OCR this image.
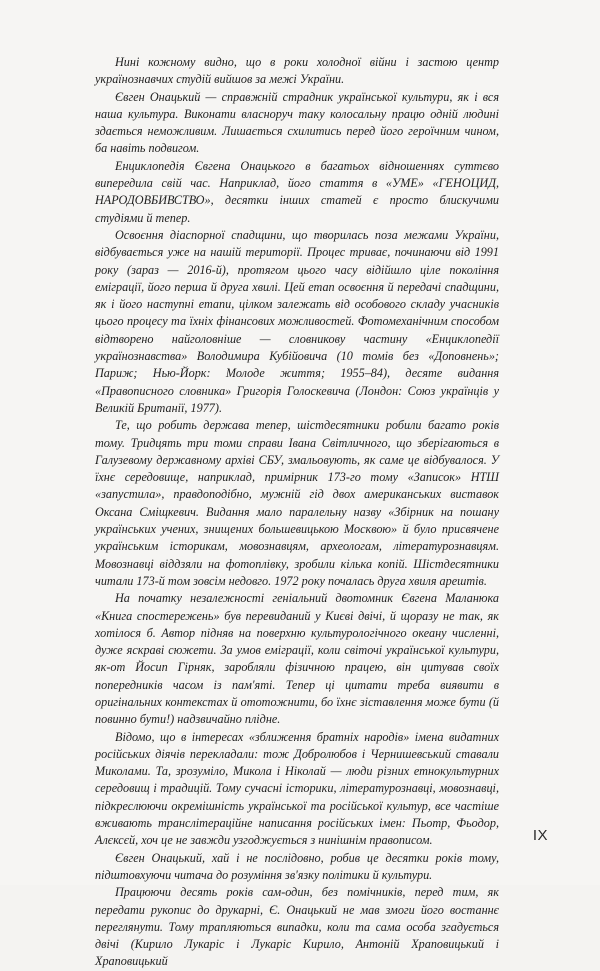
Нині кожному видно, що в роки холодної війни і застою центр українознавчих студій вийшов за межі України.

Євген Онацький — справжній страдник української культури, як і вся наша культура. Виконати власноруч таку колосальну працю одній людині здається неможливим. Лишається схилитись перед його героїчним чином, ба навіть подвигом.

Енциклопедія Євгена Онацького в багатьох відношеннях суттєво випередила свій час. Наприклад, його стаття в «УМЕ» «ГЕНОЦИД, НАРОДОВБИВСТВО», десятки інших статей є просто блискучими студіями й тепер.

Освоєння діаспорної спадщини, що творилась поза межами України, відбувається уже на нашій території. Процес триває, починаючи від 1991 року (зараз — 2016-й), протягом цього часу відійшло ціле покоління еміграції, його перша й друга хвилі. Цей етап освоєння й передачі спадщини, як і його наступні етапи, цілком залежать від особового складу учасників цього процесу та їхніх фінансових можливостей. Фотомеханічним способом відтворено найголовніше — словникову частину «Енциклопедії українознавства» Володимира Кубійовича (10 томів без «Доповнень»; Париж; Нью-Йорк: Молоде життя; 1955–84), десяте видання «Правописного словника» Григорія Голоскевича (Лондон: Союз українців у Великій Британії, 1977).

Те, що робить держава тепер, шістдесятники робили багато років тому. Тридцять три томи справи Івана Світличного, що зберігаються в Галузевому державному архіві СБУ, змальовують, як саме це відбувалося. У їхнє середовище, наприклад, примірник 173-го тому «Записок» НТШ «запустила», правдоподібно, мужній гід двох американських виставок Оксана Сміщкевич. Видання мало паралельну назву «Збірник на пошану українських учених, знищених большевицькою Москвою» й було присвячене українським історикам, мовознавцям, археологам, літературознавцям. Мовознавці віддзяли на фотоплівку, зробили кілька копій. Шістдесятники читали 173-й том зовсім недовго. 1972 року почалась друга хвиля арештів.

На початку незалежності геніальний двотомник Євгена Маланюка «Книга спостережень» був перевиданий у Києві двічі, й щоразу не так, як хотілося б. Автор підняв на поверхню культурологічного океану численні, дуже яскраві сюжети. За умов еміграції, коли світочі української культури, як-от Йосип Гірняк, заробляли фізичною працею, він цитував своїх попередників часом із пам'яті. Тепер ці цитати треба виявити в оригінальних контекстах й ототожнити, бо їхнє зіставлення може бути (й повинно бути!) надзвичайно плідне.

Відомо, що в інтересах «зближення братніх народів» імена видатних російських діячів перекладали: тож Добролюбов і Чернишевський ставали Миколами. Та, зрозуміло, Микола і Ніколай — люди різних етнокультурних середовищ і традицій. Тому сучасні історики, літературознавці, мовознавці, підкреслюючи окремішність української та російської культур, все частіше вживають транслітераційне написання російських імен: Пьотр, Фьодор, Алєксєй, хоч це не завжди узгоджується з нинішнім правописом.

Євген Онацький, хай і не послідовно, робив це десятки років тому, підштовхуючи читача до розуміння зв'язку політики й культури.

Працюючи десять років сам-один, без помічників, перед тим, як передати рукопис до друкарні, Є. Онацький не мав змоги його востаннє переглянути. Тому трапляються випадки, коли та сама особа згадується двічі (Кирило Лукаріс і Лукаріс Кирило, Антоній Храповицький і Храповицький

IX
